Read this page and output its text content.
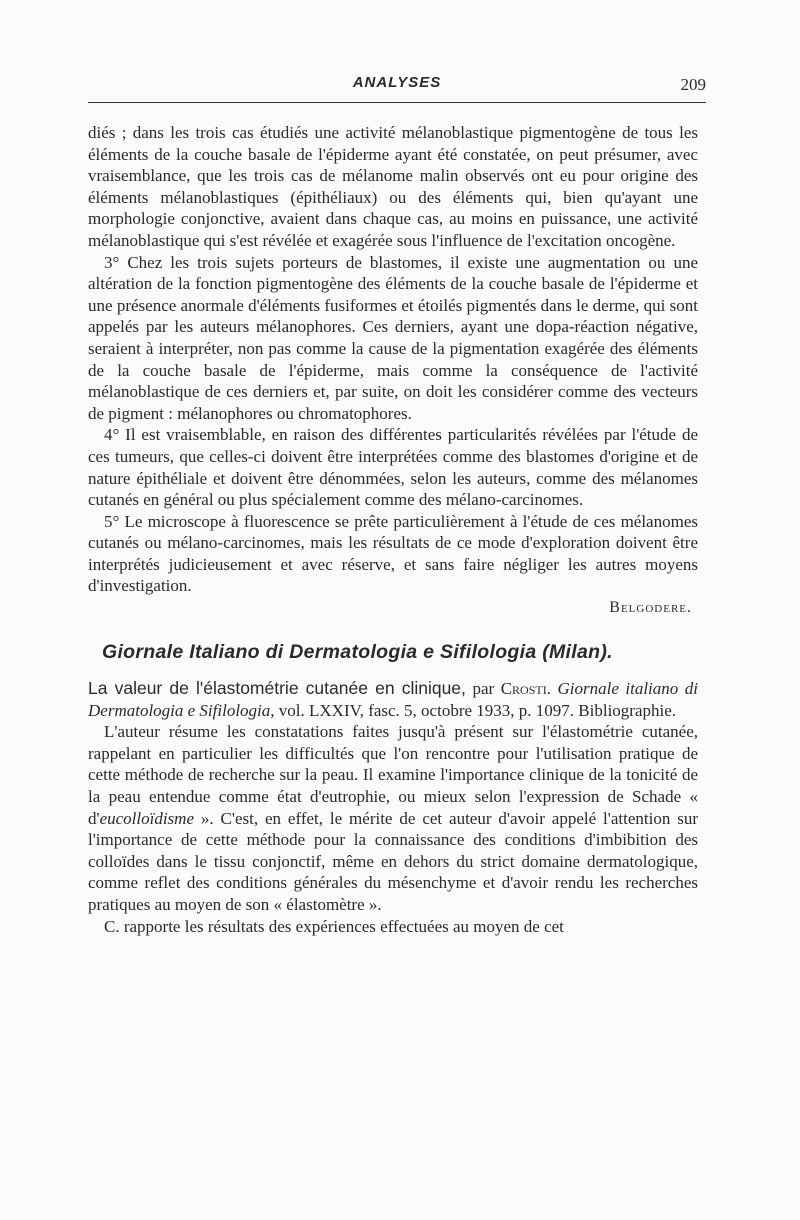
ANALYSES	209

diés ; dans les trois cas étudiés une activité mélanoblastique pigmentogène de tous les éléments de la couche basale de l'épiderme ayant été constatée, on peut présumer, avec vraisemblance, que les trois cas de mélanome malin observés ont eu pour origine des éléments mélanoblastiques (épithéliaux) ou des éléments qui, bien qu'ayant une morphologie conjonctive, avaient dans chaque cas, au moins en puissance, une activité mélanoblastique qui s'est révélée et exagérée sous l'influence de l'excitation oncogène.

3° Chez les trois sujets porteurs de blastomes, il existe une augmentation ou une altération de la fonction pigmentogène des éléments de la couche basale de l'épiderme et une présence anormale d'éléments fusiformes et étoilés pigmentés dans le derme, qui sont appelés par les auteurs mélanophores. Ces derniers, ayant une dopa-réaction négative, seraient à interpréter, non pas comme la cause de la pigmentation exagérée des éléments de la couche basale de l'épiderme, mais comme la conséquence de l'activité mélanoblastique de ces derniers et, par suite, on doit les considérer comme des vecteurs de pigment : mélanophores ou chromatophores.

4° Il est vraisemblable, en raison des différentes particularités révélées par l'étude de ces tumeurs, que celles-ci doivent être interprétées comme des blastomes d'origine et de nature épithéliale et doivent être dénommées, selon les auteurs, comme des mélanomes cutanés en général ou plus spécialement comme des mélano-carcinomes.

5° Le microscope à fluorescence se prête particulièrement à l'étude de ces mélanomes cutanés ou mélano-carcinomes, mais les résultats de ce mode d'exploration doivent être interprétés judicieusement et avec réserve, et sans faire négliger les autres moyens d'investigation.

Belgodere.
Giornale Italiano di Dermatologia e Sifilologia (Milan).

La valeur de l'élastométrie cutanée en clinique, par Crosti. Giornale italiano di Dermatologia e Sifilologia, vol. LXXIV, fasc. 5, octobre 1933, p. 1097. Bibliographie.

L'auteur résume les constatations faites jusqu'à présent sur l'élastométrie cutanée, rappelant en particulier les difficultés que l'on rencontre pour l'utilisation pratique de cette méthode de recherche sur la peau. Il examine l'importance clinique de la tonicité de la peau entendue comme état d'eutrophie, ou mieux selon l'expression de Schade « d'eucolloïdisme ». C'est, en effet, le mérite de cet auteur d'avoir appelé l'attention sur l'importance de cette méthode pour la connaissance des conditions d'imbibition des colloïdes dans le tissu conjonctif, même en dehors du strict domaine dermatologique, comme reflet des conditions générales du mésenchyme et d'avoir rendu les recherches pratiques au moyen de son « élastomètre ».

C. rapporte les résultats des expériences effectuées au moyen de cet
